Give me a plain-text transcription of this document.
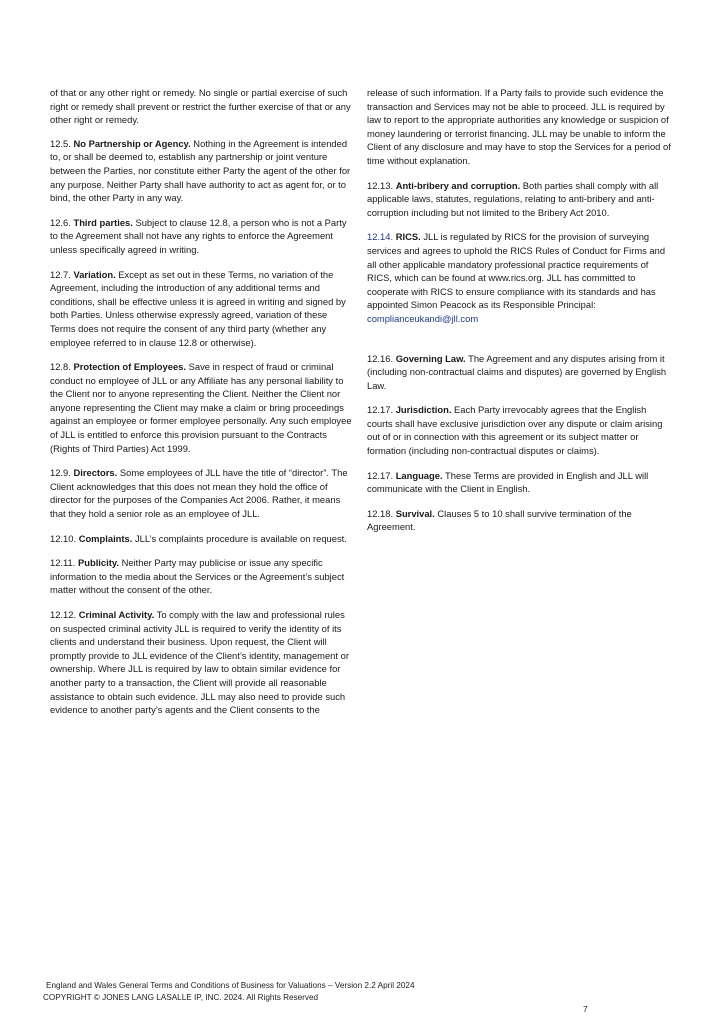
of that or any other right or remedy. No single or partial exercise of such right or remedy shall prevent or restrict the further exercise of that or any other right or remedy.

12.5. No Partnership or Agency. Nothing in the Agreement is intended to, or shall be deemed to, establish any partnership or joint venture between the Parties, nor constitute either Party the agent of the other for any purpose. Neither Party shall have authority to act as agent for, or to bind, the other Party in any way.

12.6. Third parties. Subject to clause 12.8, a person who is not a Party to the Agreement shall not have any rights to enforce the Agreement unless specifically agreed in writing.

12.7. Variation. Except as set out in these Terms, no variation of the Agreement, including the introduction of any additional terms and conditions, shall be effective unless it is agreed in writing and signed by both Parties. Unless otherwise expressly agreed, variation of these Terms does not require the consent of any third party (whether any employee referred to in clause 12.8 or otherwise).

12.8. Protection of Employees. Save in respect of fraud or criminal conduct no employee of JLL or any Affiliate has any personal liability to the Client nor to anyone representing the Client. Neither the Client nor anyone representing the Client may make a claim or bring proceedings against an employee or former employee personally. Any such employee of JLL is entitled to enforce this provision pursuant to the Contracts (Rights of Third Parties) Act 1999.

12.9. Directors. Some employees of JLL have the title of “director”. The Client acknowledges that this does not mean they hold the office of director for the purposes of the Companies Act 2006. Rather, it means that they hold a senior role as an employee of JLL.

12.10. Complaints. JLL’s complaints procedure is available on request.

12.11. Publicity. Neither Party may publicise or issue any specific information to the media about the Services or the Agreement’s subject matter without the consent of the other.

12.12. Criminal Activity. To comply with the law and professional rules on suspected criminal activity JLL is required to verify the identity of its clients and understand their business. Upon request, the Client will promptly provide to JLL evidence of the Client’s identity, management or ownership. Where JLL is required by law to obtain similar evidence for another party to a transaction, the Client will provide all reasonable assistance to obtain such evidence. JLL may also need to provide such evidence to another party’s agents and the Client consents to the

release of such information. If a Party fails to provide such evidence the transaction and Services may not be able to proceed. JLL is required by law to report to the appropriate authorities any knowledge or suspicion of money laundering or terrorist financing. JLL may be unable to inform the Client of any disclosure and may have to stop the Services for a period of time without explanation.

12.13. Anti-bribery and corruption. Both parties shall comply with all applicable laws, statutes, regulations, relating to anti-bribery and anti-corruption including but not limited to the Bribery Act 2010.

12.14. RICS. JLL is regulated by RICS for the provision of surveying services and agrees to uphold the RICS Rules of Conduct for Firms and all other applicable mandatory professional practice requirements of RICS, which can be found at www.rics.org. JLL has committed to cooperate with RICS to ensure compliance with its standards and has appointed Simon Peacock as its Responsible Principal: complianceukandi@jll.com

12.16. Governing Law. The Agreement and any disputes arising from it (including non-contractual claims and disputes) are governed by English Law.

12.17. Jurisdiction. Each Party irrevocably agrees that the English courts shall have exclusive jurisdiction over any dispute or claim arising out of or in connection with this agreement or its subject matter or formation (including non-contractual disputes or claims).

12.17. Language. These Terms are provided in English and JLL will communicate with the Client in English.

12.18. Survival. Clauses 5 to 10 shall survive termination of the Agreement.

England and Wales General Terms and Conditions of Business for Valuations – Version 2.2 April 2024
COPYRIGHT © JONES LANG LASALLE IP, INC. 2024. All Rights Reserved
7
